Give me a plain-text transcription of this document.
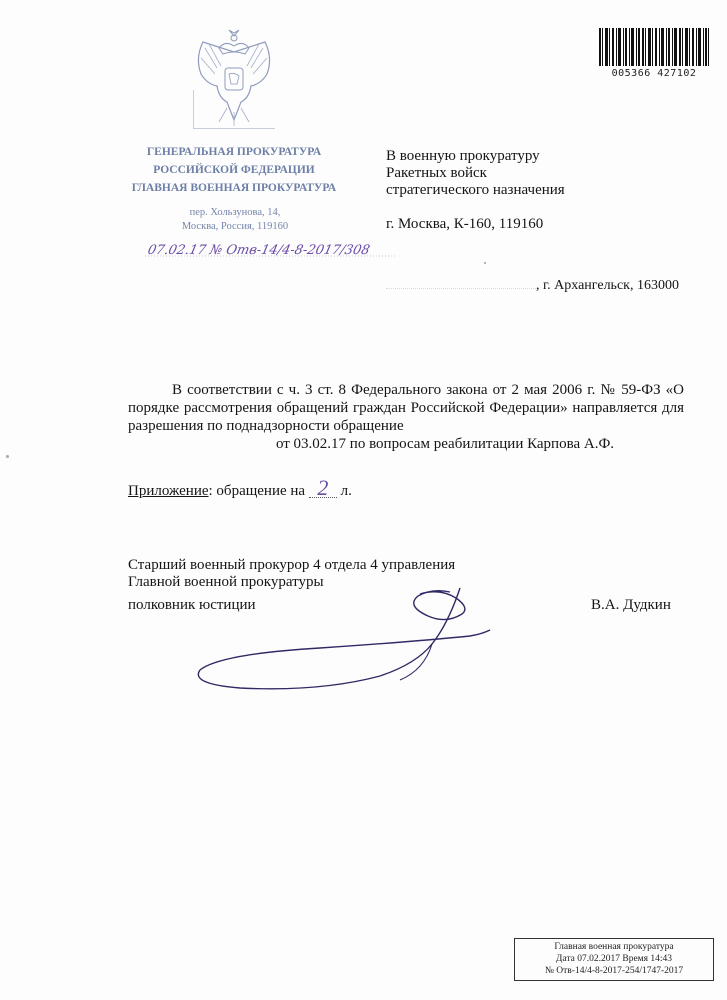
005366 427102
ГЕНЕРАЛЬНАЯ ПРОКУРАТУРА
РОССИЙСКОЙ ФЕДЕРАЦИИ
ГЛАВНАЯ ВОЕННАЯ ПРОКУРАТУРА
пер. Хользунова, 14,
Москва, Россия, 119160
07.02.17 № Отв-14/4-8-2017/308
В военную прокуратуру
Ракетных войск
стратегического назначения
г. Москва, К-160, 119160
, г. Архангельск, 163000

В соответствии с ч. 3 ст. 8 Федерального закона от 2 мая 2006 г. № 59-ФЗ «О порядке рассмотрения обращений граждан Российской Федерации» направляется для разрешения по поднадзорности обращение
от 03.02.17 по вопросам реабилитации Карпова А.Ф.

Приложение: обращение на 2 л.
Старший военный прокурор 4 отдела 4 управления
Главной военной прокуратуры
полковник юстиции	В.А. Дудкин
Главная военная прокуратура
Дата 07.02.2017 Время 14:43
№ Отв-14/4-8-2017-254/1747-2017
